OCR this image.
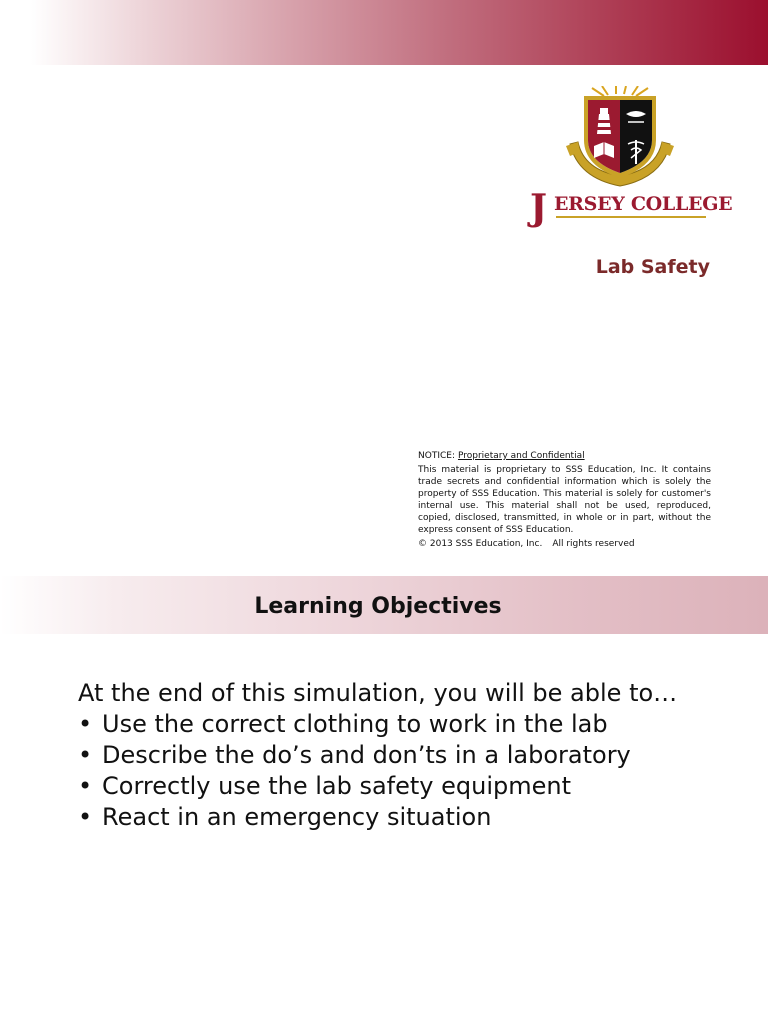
J ERSEY COLLEGE
Lab Safety
NOTICE: Proprietary and Confidential
This material is proprietary to SSS Education, Inc. It contains trade secrets and confidential information which is solely the property of SSS Education. This material is solely for customer's internal use. This material shall not be used, reproduced, copied, disclosed, transmitted, in whole or in part, without the express consent of SSS Education.
© 2013 SSS Education, Inc. All rights reserved
Learning Objectives

At the end of this simulation, you will be able to…

• Use the correct clothing to work in the lab
• Describe the do’s and don’ts in a laboratory
• Correctly use the lab safety equipment
• React in an emergency situation
